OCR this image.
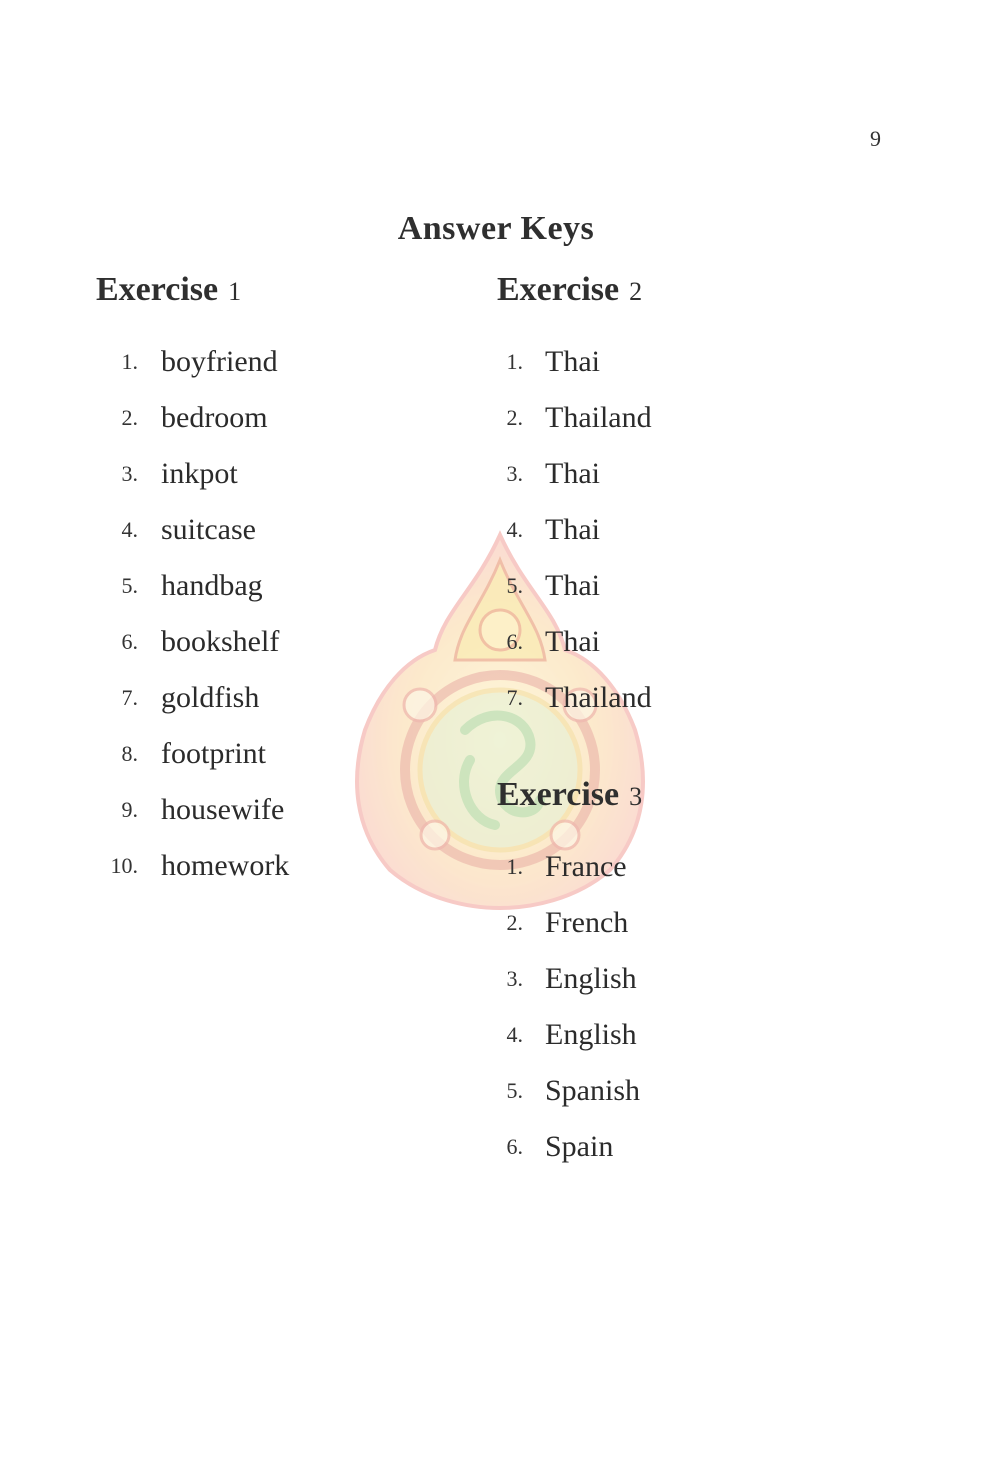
9
Answer Keys
Exercise 1
1. boyfriend
2. bedroom
3. inkpot
4. suitcase
5. handbag
6. bookshelf
7. goldfish
8. footprint
9. housewife
10. homework
Exercise 2
1. Thai
2. Thailand
3. Thai
4. Thai
5. Thai
6. Thai
7. Thailand
Exercise 3
1. France
2. French
3. English
4. English
5. Spanish
6. Spain
